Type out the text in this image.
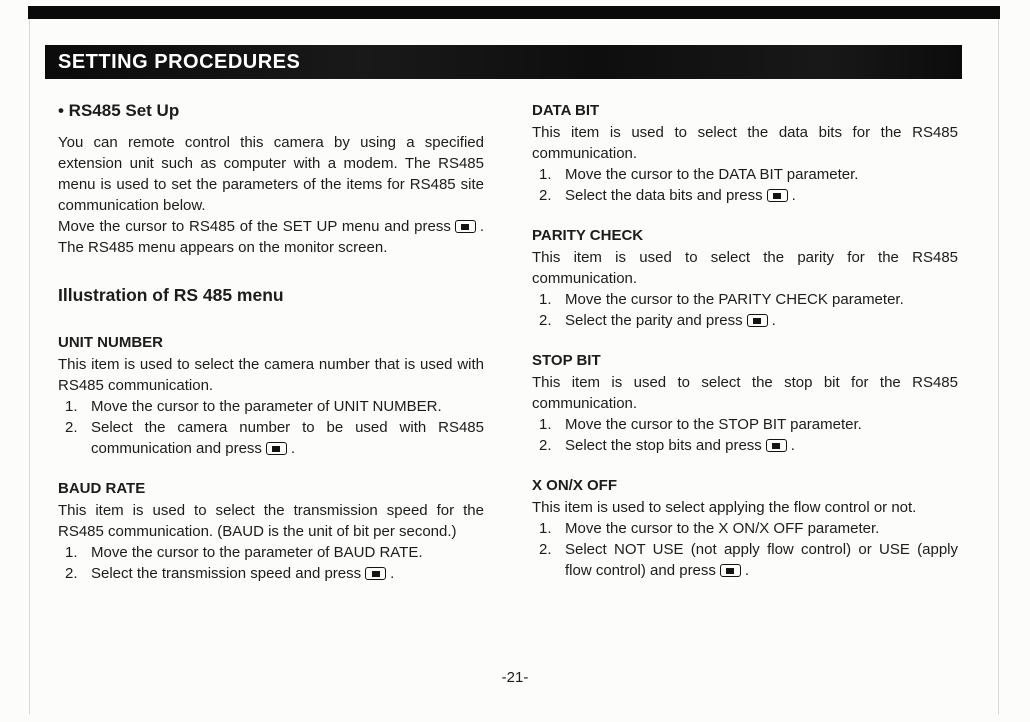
SETTING PROCEDURES
• RS485 Set Up

You can remote control this camera by using a specified extension unit such as computer with a modem. The RS485 menu is used to set the parameters of the items for RS485 site communication below.

Move the cursor to RS485 of the SET UP menu and press . The RS485 menu appears on the monitor screen.

Illustration of RS 485 menu
UNIT NUMBER

This item is used to select the camera number that is used with RS485 communication.

1. Move the cursor to the parameter of UNIT NUMBER.
2. Select the camera number to be used with RS485 communication and press .
BAUD RATE

This item is used to select the transmission speed for the RS485 communication. (BAUD is the unit of bit per second.)

1. Move the cursor to the parameter of BAUD RATE.
2. Select the transmission speed and press .
DATA BIT

This item is used to select the data bits for the RS485 communication.

1. Move the cursor to the DATA BIT parameter.
2. Select the data bits and press .
PARITY CHECK

This item is used to select the parity for the RS485 communication.

1. Move the cursor to the PARITY CHECK parameter.
2. Select the parity and press .
STOP BIT

This item is used to select the stop bit for the RS485 communication.

1. Move the cursor to the STOP BIT parameter.
2. Select the stop bits and press .
X ON/X OFF

This item is used to select applying the flow control or not.

1. Move the cursor to the X ON/X OFF parameter.
2. Select NOT USE (not apply flow control) or USE (apply flow control) and press .
-21-
